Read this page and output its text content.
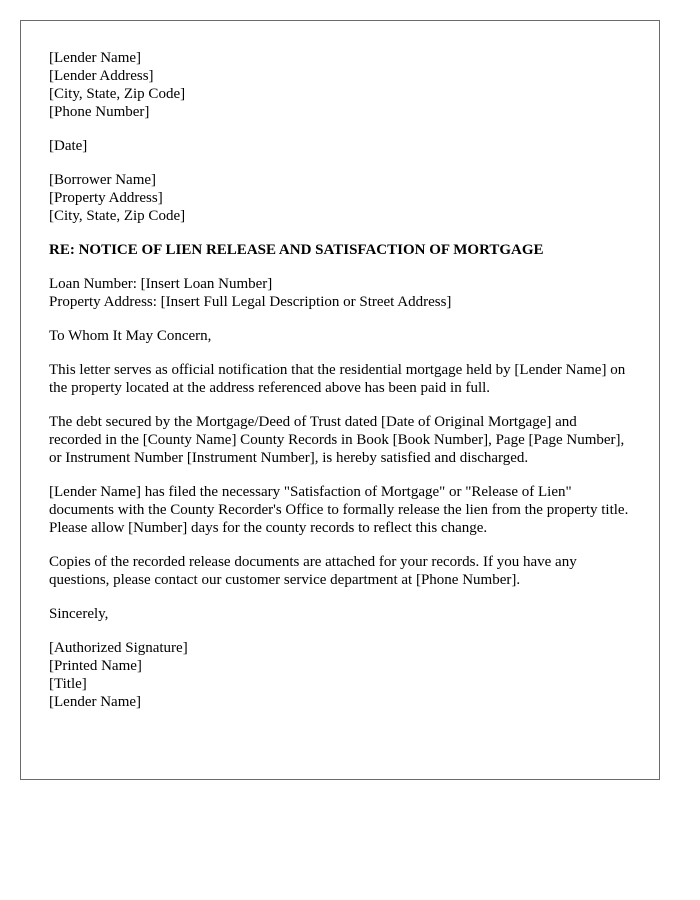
[Lender Name]
[Lender Address]
[City, State, Zip Code]
[Phone Number]
[Date]
[Borrower Name]
[Property Address]
[City, State, Zip Code]
RE: NOTICE OF LIEN RELEASE AND SATISFACTION OF MORTGAGE
Loan Number: [Insert Loan Number]
Property Address: [Insert Full Legal Description or Street Address]

To Whom It May Concern,

This letter serves as official notification that the residential mortgage held by [Lender Name] on the property located at the address referenced above has been paid in full.

The debt secured by the Mortgage/Deed of Trust dated [Date of Original Mortgage] and recorded in the [County Name] County Records in Book [Book Number], Page [Page Number], or Instrument Number [Instrument Number], is hereby satisfied and discharged.

[Lender Name] has filed the necessary "Satisfaction of Mortgage" or "Release of Lien" documents with the County Recorder's Office to formally release the lien from the property title. Please allow [Number] days for the county records to reflect this change.

Copies of the recorded release documents are attached for your records. If you have any questions, please contact our customer service department at [Phone Number].

Sincerely,

[Authorized Signature]
[Printed Name]
[Title]
[Lender Name]
